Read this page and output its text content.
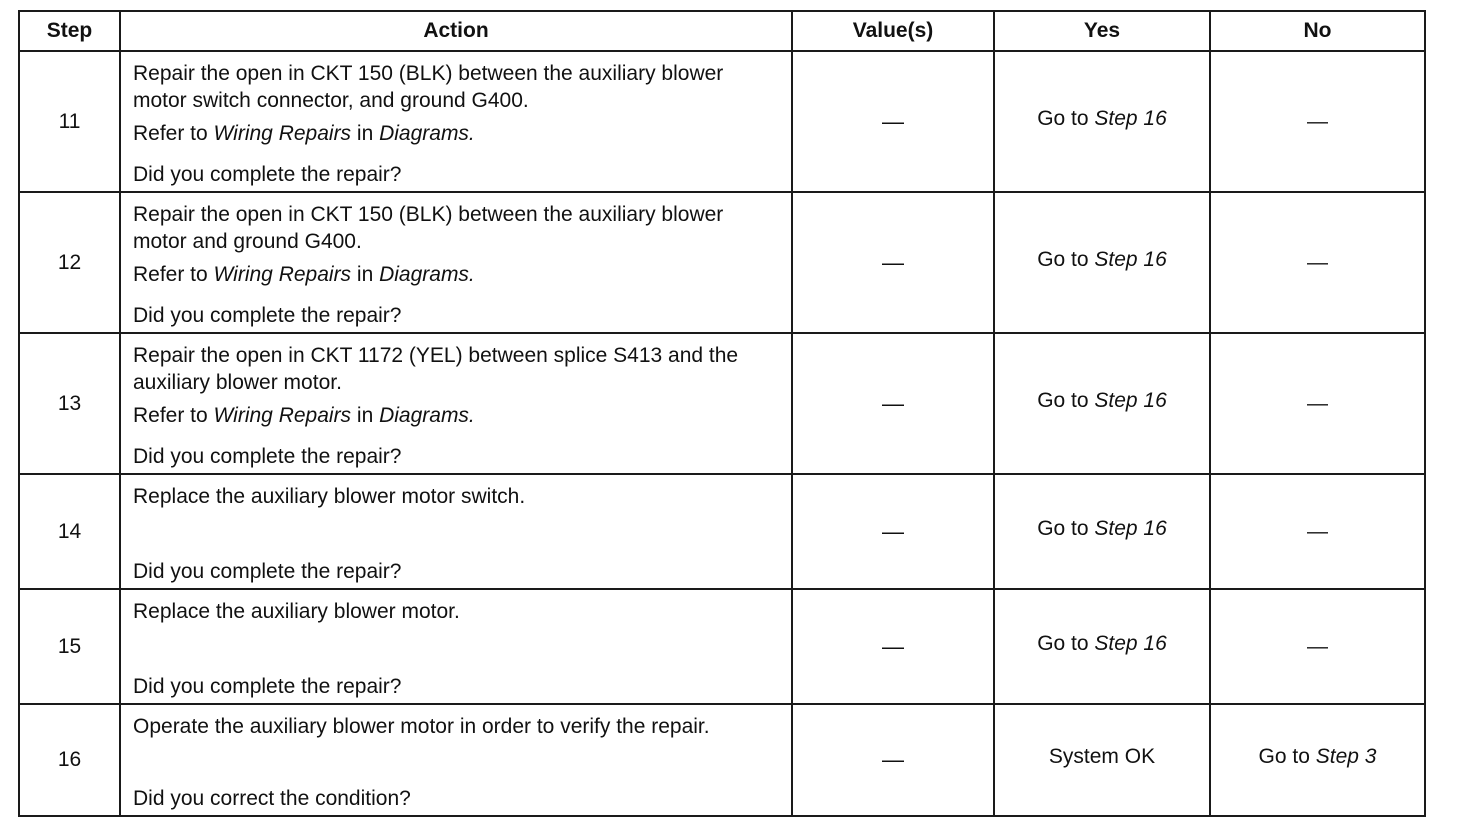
Step	Action	Value(s)	Yes	No
11	Repair the open in CKT 150 (BLK) between the auxiliary blower motor switch connector, and ground G400.
Refer to Wiring Repairs in Diagrams.
Did you complete the repair?	—	Go to Step 16	—
12	Repair the open in CKT 150 (BLK) between the auxiliary blower motor and ground G400.
Refer to Wiring Repairs in Diagrams.
Did you complete the repair?	—	Go to Step 16	—
13	Repair the open in CKT 1172 (YEL) between splice S413 and the auxiliary blower motor.
Refer to Wiring Repairs in Diagrams.
Did you complete the repair?	—	Go to Step 16	—
14	Replace the auxiliary blower motor switch.
Did you complete the repair?	—	Go to Step 16	—
15	Replace the auxiliary blower motor.
Did you complete the repair?	—	Go to Step 16	—
16	Operate the auxiliary blower motor in order to verify the repair.
Did you correct the condition?	—	System OK	Go to Step 3
